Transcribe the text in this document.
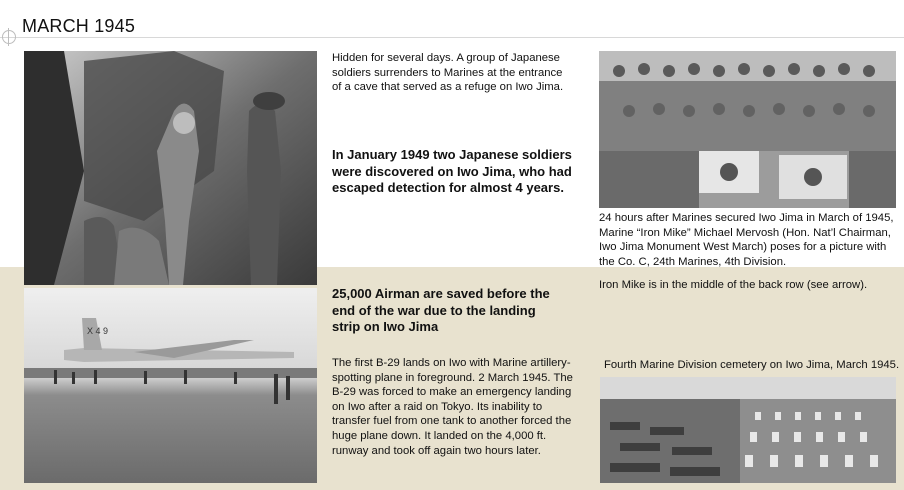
MARCH 1945
X 4 9
Hidden for several days. A group of Japanese soldiers surrenders to Marines at the entrance of a cave that served as a refuge on Iwo Jima.
In January 1949 two Japanese soldiers were discovered on Iwo Jima, who had escaped detection for almost 4 years.
25,000 Airman are saved before the end of the war due to the landing strip on Iwo Jima
The first B-29 lands on Iwo with Marine artillery-spotting plane in foreground. 2 March 1945. The B-29 was forced to make an emergency landing on Iwo after a raid on Tokyo. Its inability to transfer fuel from one tank to another forced the huge plane down. It landed on the 4,000 ft. runway and took off again two hours later.
24 hours after Marines secured Iwo Jima in March of 1945, Marine “Iron Mike” Michael Mervosh (Hon. Nat’l Chairman, Iwo Jima Monument West March) poses for a picture with the Co. C, 24th Marines, 4th Division.
Iron Mike is in the middle of the back row (see arrow).
Fourth Marine Division cemetery on Iwo Jima, March 1945.
